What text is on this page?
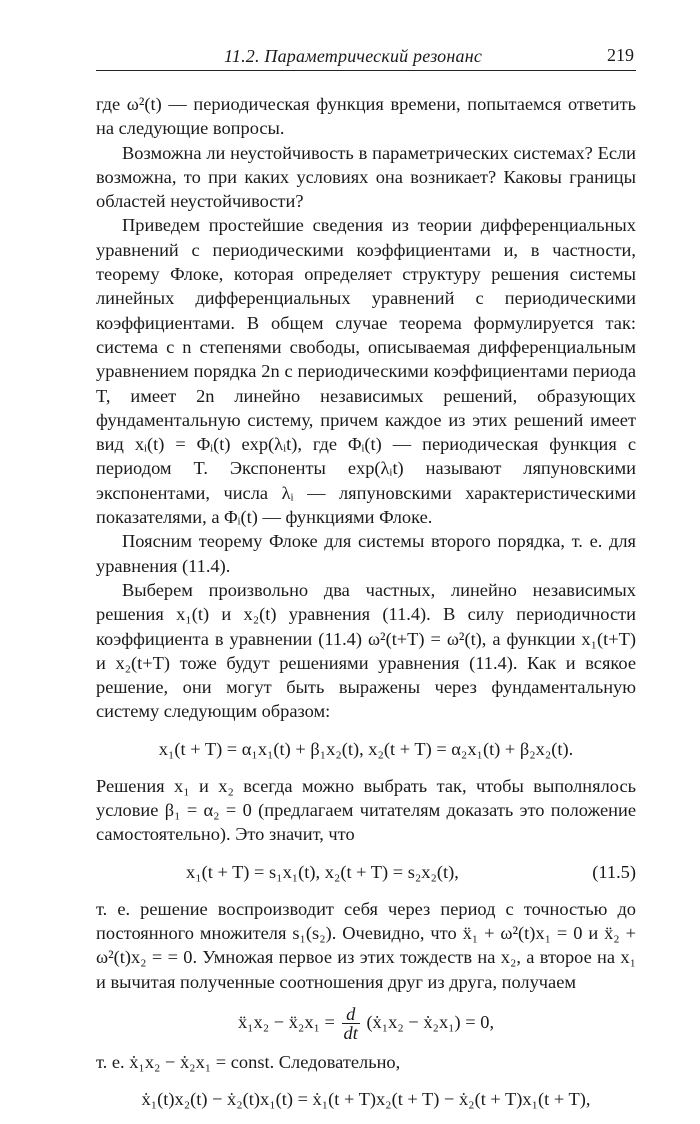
11.2. Параметрический резонанс	219

где ω²(t) — периодическая функция времени, попытаемся ответить на следующие вопросы.

Возможна ли неустойчивость в параметрических системах? Если возможна, то при каких условиях она возникает? Каковы границы областей неустойчивости?

Приведем простейшие сведения из теории дифференциальных уравнений с периодическими коэффициентами и, в частности, теорему Флоке, которая определяет структуру решения системы линейных дифференциальных уравнений с периодическими коэффициентами. В общем случае теорема формулируется так: система с n степенями свободы, описываемая дифференциальным уравнением порядка 2n с периодическими коэффициентами периода T, имеет 2n линейно независимых решений, образующих фундаментальную систему, причем каждое из этих решений имеет вид xᵢ(t) = Φᵢ(t) exp(λᵢt), где Φᵢ(t) — периодическая функция с периодом T. Экспоненты exp(λᵢt) называют ляпуновскими экспонентами, числа λᵢ — ляпуновскими характеристическими показателями, а Φᵢ(t) — функциями Флоке.

Поясним теорему Флоке для системы второго порядка, т. е. для уравнения (11.4).

Выберем произвольно два частных, линейно независимых решения x₁(t) и x₂(t) уравнения (11.4). В силу периодичности коэффициента в уравнении (11.4) ω²(t+T) = ω²(t), а функции x₁(t+T) и x₂(t+T) тоже будут решениями уравнения (11.4). Как и всякое решение, они могут быть выражены через фундаментальную систему следующим образом:

x₁(t + T) = α₁x₁(t) + β₁x₂(t), x₂(t + T) = α₂x₁(t) + β₂x₂(t).

Решения x₁ и x₂ всегда можно выбрать так, чтобы выполнялось условие β₁ = α₂ = 0 (предлагаем читателям доказать это положение самостоятельно). Это значит, что

x₁(t + T) = s₁x₁(t), x₂(t + T) = s₂x₂(t),	(11.5)

т. е. решение воспроизводит себя через период с точностью до постоянного множителя s₁(s₂). Очевидно, что ẍ₁ + ω²(t)x₁ = 0 и ẍ₂ + ω²(t)x₂ = = 0. Умножая первое из этих тождеств на x₂, а второе на x₁ и вычитая полученные соотношения друг из друга, получаем

ẍ₁x₂ − ẍ₂x₁ = $\frac{d}{dt}$ (ẋ₁x₂ − ẋ₂x₁) = 0,

т. е. ẋ₁x₂ − ẋ₂x₁ = const. Следовательно,

ẋ₁(t)x₂(t) − ẋ₂(t)x₁(t) = ẋ₁(t + T)x₂(t + T) − ẋ₂(t + T)x₁(t + T),
